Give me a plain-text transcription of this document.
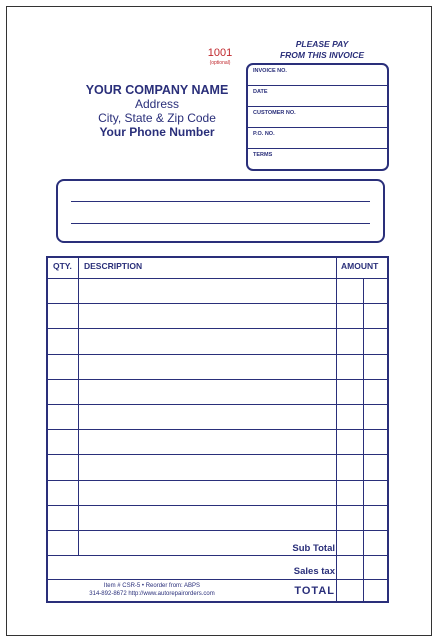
1001
(optional)
PLEASE PAY
FROM THIS INVOICE
YOUR COMPANY NAME
Address
City, State & Zip Code
Your Phone Number
INVOICE NO.
DATE
CUSTOMER NO.
P.O. NO.
TERMS
QTY. DESCRIPTION	AMOUNT
Sub Total
Sales tax
Item # CSR-5 • Reorder from: ABPS
314-892-8672 http://www.autorepairorders.com	TOTAL
